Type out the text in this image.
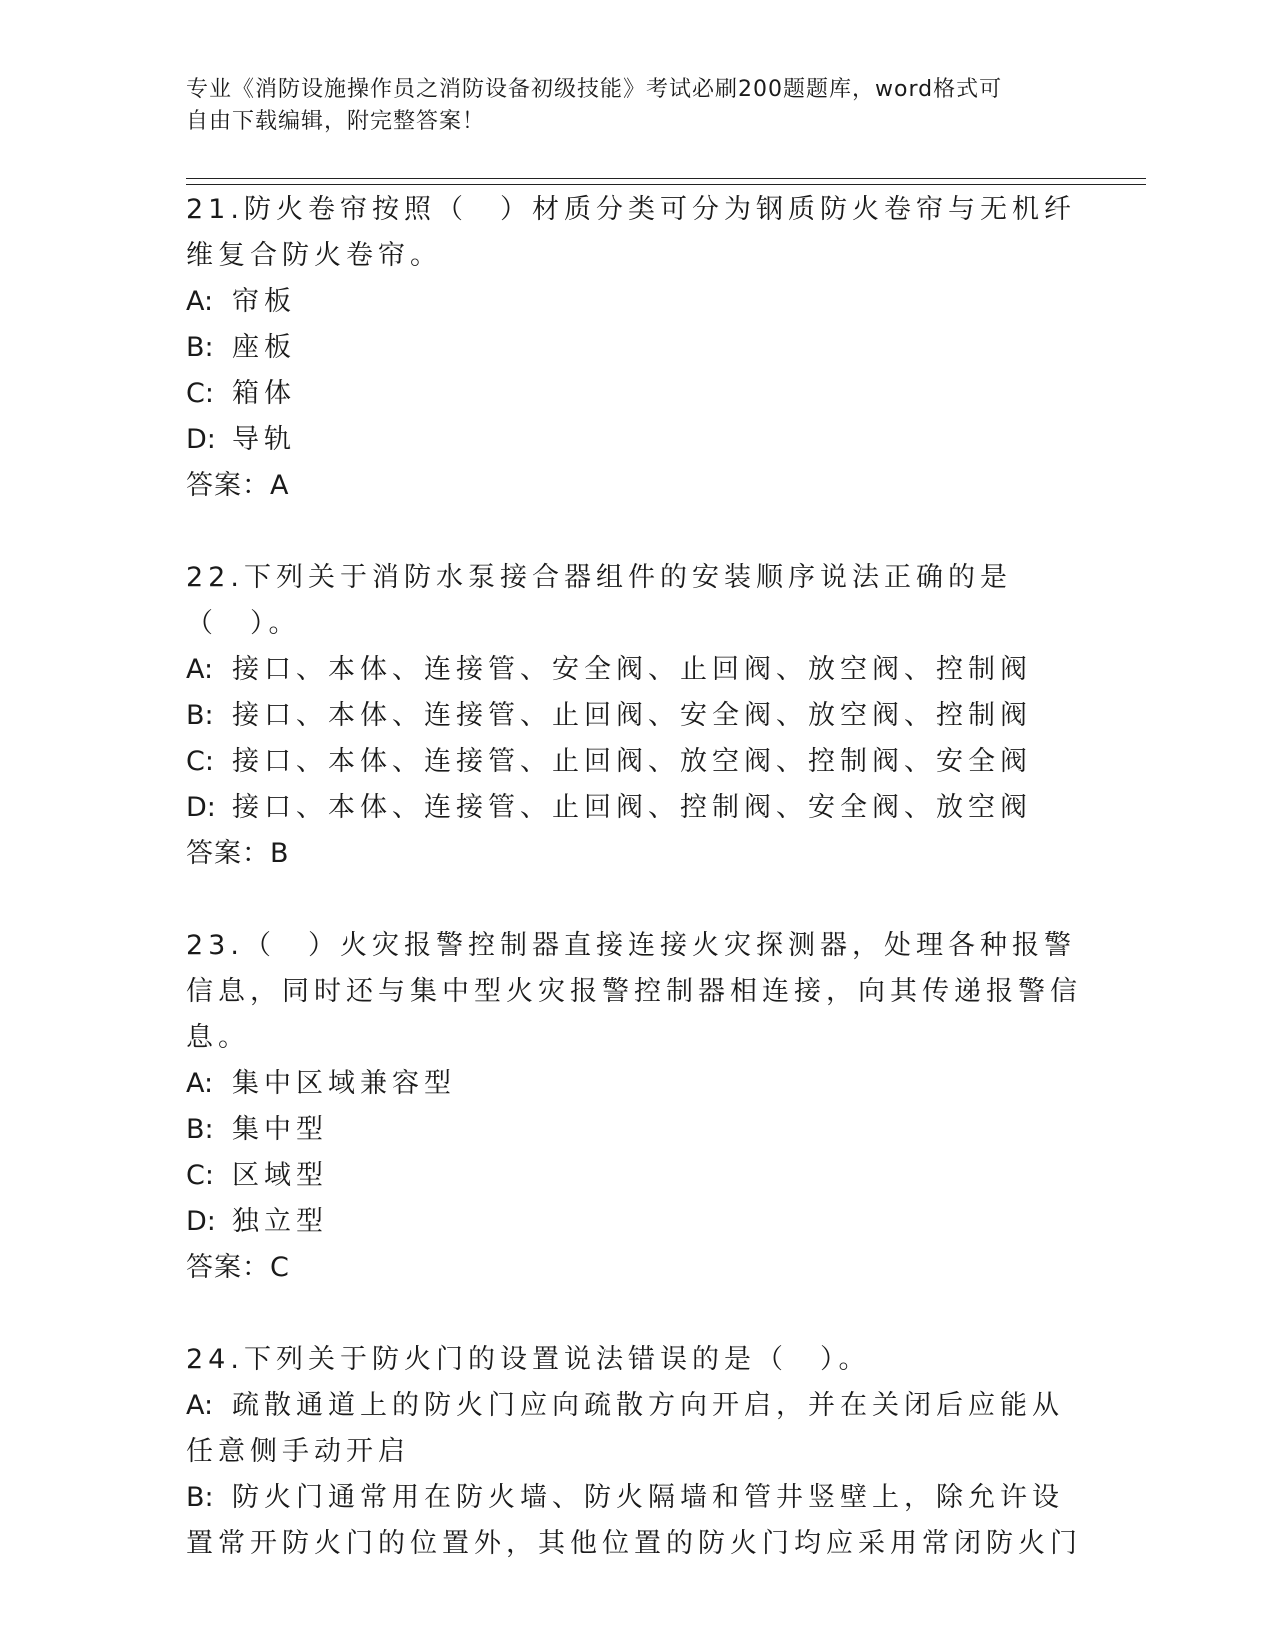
专业《消防设施操作员之消防设备初级技能》考试必刷200题题库，word格式可
自由下载编辑，附完整答案！
21.防火卷帘按照（　）材质分类可分为钢质防火卷帘与无机纤维复合防火卷帘。
A: 帘板
B: 座板
C: 箱体
D: 导轨
答案：A
22.下列关于消防水泵接合器组件的安装顺序说法正确的是（　）。
A: 接口、本体、连接管、安全阀、止回阀、放空阀、控制阀
B: 接口、本体、连接管、止回阀、安全阀、放空阀、控制阀
C: 接口、本体、连接管、止回阀、放空阀、控制阀、安全阀
D: 接口、本体、连接管、止回阀、控制阀、安全阀、放空阀
答案：B
23.（　）火灾报警控制器直接连接火灾探测器，处理各种报警信息，同时还与集中型火灾报警控制器相连接，向其传递报警信息。
A: 集中区域兼容型
B: 集中型
C: 区域型
D: 独立型
答案：C
24.下列关于防火门的设置说法错误的是（　）。
A: 疏散通道上的防火门应向疏散方向开启，并在关闭后应能从任意侧手动开启
B: 防火门通常用在防火墙、防火隔墙和管井竖壁上，除允许设置常开防火门的位置外，其他位置的防火门均应采用常闭防火门
